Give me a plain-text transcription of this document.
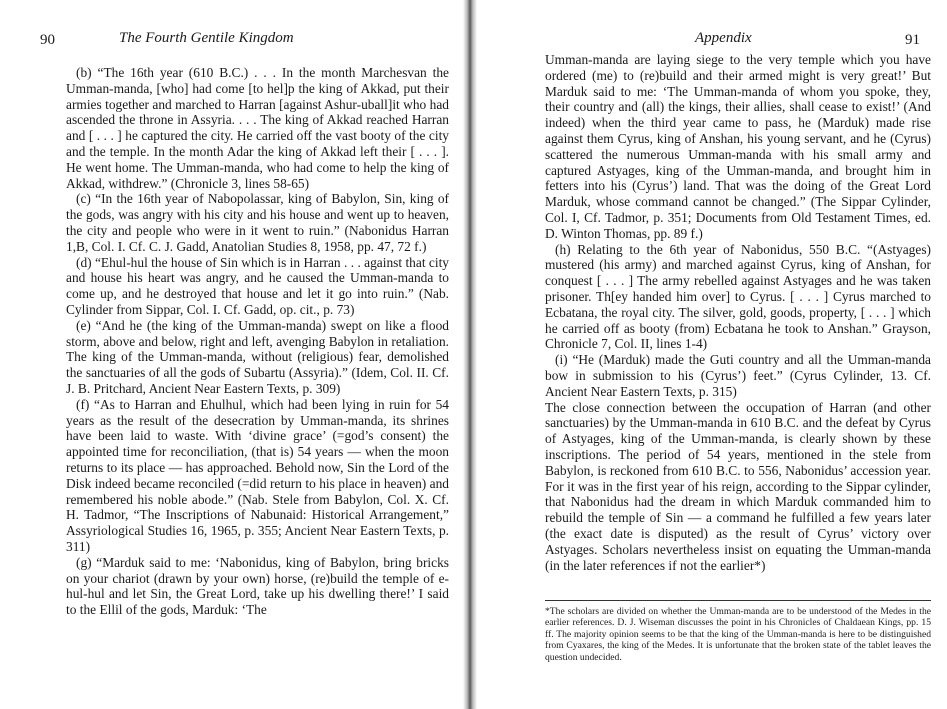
90	The Fourth Gentile Kingdom

(b) “The 16th year (610 B.C.) . . . In the month Marchesvan the Umman-manda, [who] had come [to hel]p the king of Akkad, put their armies together and marched to Harran [against Ashur-uball]it who had ascended the throne in Assyria. . . . The king of Akkad reached Harran and [ . . . ] he captured the city. He carried off the vast booty of the city and the temple. In the month Adar the king of Akkad left their [ . . . ]. He went home. The Umman-manda, who had come to help the king of Akkad, withdrew.” (Chronicle 3, lines 58-65)

(c) “In the 16th year of Nabopolassar, king of Babylon, Sin, king of the gods, was angry with his city and his house and went up to heaven, the city and people who were in it went to ruin.” (Nabonidus Harran 1,B, Col. I. Cf. C. J. Gadd, Anatolian Studies 8, 1958, pp. 47, 72 f.)

(d) “Ehul-hul the house of Sin which is in Harran . . . against that city and house his heart was angry, and he caused the Umman-manda to come up, and he destroyed that house and let it go into ruin.” (Nab. Cylinder from Sippar, Col. I. Cf. Gadd, op. cit., p. 73)

(e) “And he (the king of the Umman-manda) swept on like a flood storm, above and below, right and left, avenging Babylon in retaliation. The king of the Umman-manda, without (religious) fear, demolished the sanctuaries of all the gods of Subartu (Assyria).” (Idem, Col. II. Cf. J. B. Pritchard, Ancient Near Eastern Texts, p. 309)

(f) “As to Harran and Ehulhul, which had been lying in ruin for 54 years as the result of the desecration by Umman-manda, its shrines have been laid to waste. With ‘divine grace’ (=god’s consent) the appointed time for reconciliation, (that is) 54 years — when the moon returns to its place — has approached. Behold now, Sin the Lord of the Disk indeed became reconciled (=did return to his place in heaven) and remembered his noble abode.” (Nab. Stele from Babylon, Col. X. Cf. H. Tadmor, “The Inscriptions of Nabunaid: Historical Arrangement,” Assyriological Studies 16, 1965, p. 355; Ancient Near Eastern Texts, p. 311)

(g) “Marduk said to me: ‘Nabonidus, king of Babylon, bring bricks on your chariot (drawn by your own) horse, (re)build the temple of e-hul-hul and let Sin, the Great Lord, take up his dwelling there!’ I said to the Ellil of the gods, Marduk: ‘The

Appendix	91

Umman-manda are laying siege to the very temple which you have ordered (me) to (re)build and their armed might is very great!’ But Marduk said to me: ‘The Umman-manda of whom you spoke, they, their country and (all) the kings, their allies, shall cease to exist!’ (And indeed) when the third year came to pass, he (Marduk) made rise against them Cyrus, king of Anshan, his young servant, and he (Cyrus) scattered the numerous Umman-manda with his small army and captured Astyages, king of the Umman-manda, and brought him in fetters into his (Cyrus’) land. That was the doing of the Great Lord Marduk, whose command cannot be changed.” (The Sippar Cylinder, Col. I, Cf. Tadmor, p. 351; Documents from Old Testament Times, ed. D. Winton Thomas, pp. 89 f.)

(h) Relating to the 6th year of Nabonidus, 550 B.C. “(Astyages) mustered (his army) and marched against Cyrus, king of Anshan, for conquest [ . . . ] The army rebelled against Astyages and he was taken prisoner. Th[ey handed him over] to Cyrus. [ . . . ] Cyrus marched to Ecbatana, the royal city. The silver, gold, goods, property, [ . . . ] which he carried off as booty (from) Ecbatana he took to Anshan.” Grayson, Chronicle 7, Col. II, lines 1-4)

(i) “He (Marduk) made the Guti country and all the Umman-manda bow in submission to his (Cyrus’) feet.” (Cyrus Cylinder, 13. Cf. Ancient Near Eastern Texts, p. 315)

The close connection between the occupation of Harran (and other sanctuaries) by the Umman-manda in 610 B.C. and the defeat by Cyrus of Astyages, king of the Umman-manda, is clearly shown by these inscriptions. The period of 54 years, mentioned in the stele from Babylon, is reckoned from 610 B.C. to 556, Nabonidus’ accession year. For it was in the first year of his reign, according to the Sippar cylinder, that Nabonidus had the dream in which Marduk commanded him to rebuild the temple of Sin — a command he fulfilled a few years later (the exact date is disputed) as the result of Cyrus’ victory over Astyages. Scholars nevertheless insist on equating the Umman-manda (in the later references if not the earlier*)

*The scholars are divided on whether the Umman-manda are to be understood of the Medes in the earlier references. D. J. Wiseman discusses the point in his Chronicles of Chaldaean Kings, pp. 15 ff. The majority opinion seems to be that the king of the Umman-manda is here to be distinguished from Cyaxares, the king of the Medes. It is unfortunate that the broken state of the tablet leaves the question undecided.
